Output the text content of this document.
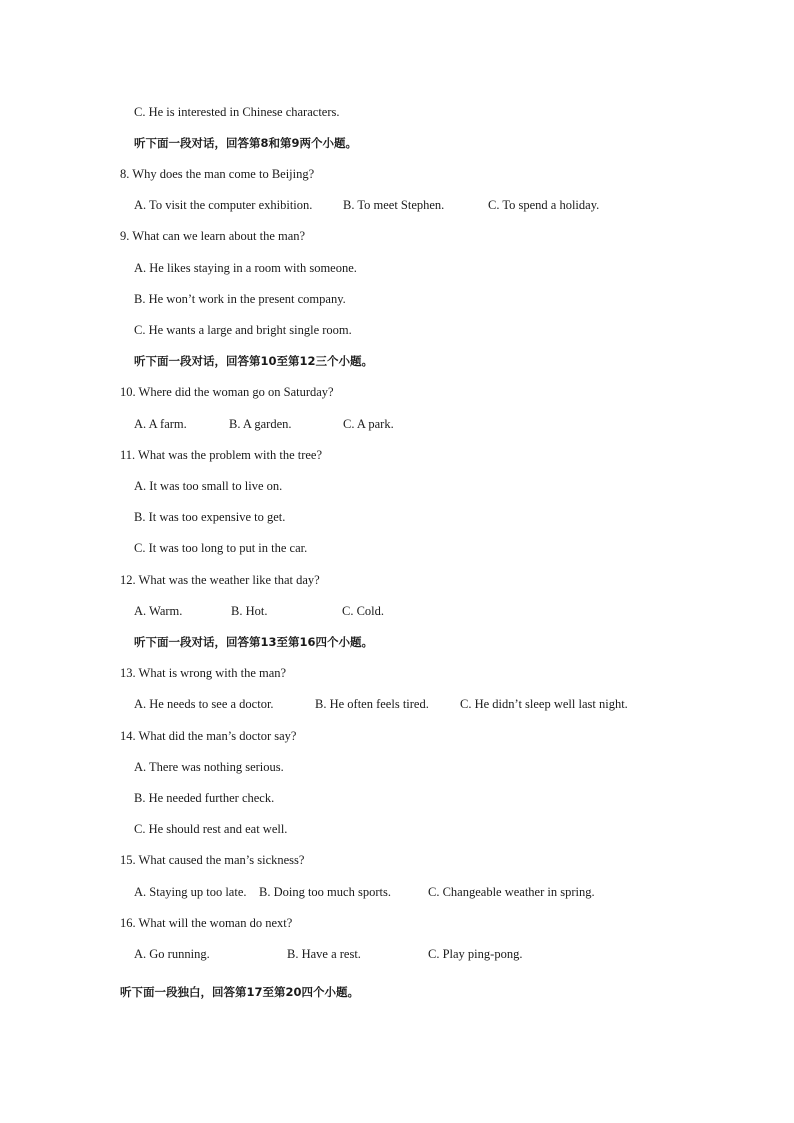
C. He is interested in Chinese characters.

听下面一段对话，回答第8和第9两个小题。

8. Why does the man come to Beijing?

A. To visit the computer exhibition. B. To meet Stephen.	C. To spend a holiday.

9. What can we learn about the man?

A. He likes staying in a room with someone.

B. He won’t work in the present company.

C. He wants a large and bright single room.

听下面一段对话，回答第10至第12三个小题。

10. Where did the woman go on Saturday?

A. A farm.	B. A garden.	C. A park.

11. What was the problem with the tree?

A. It was too small to live on.

B. It was too expensive to get.

C. It was too long to put in the car.

12. What was the weather like that day?

A. Warm.	B. Hot.	C. Cold.

听下面一段对话，回答第13至第16四个小题。

13. What is wrong with the man?

A. He needs to see a doctor.	B. He often feels tired. C. He didn’t sleep well last night.

14. What did the man’s doctor say?

A. There was nothing serious.

B. He needed further check.

C. He should rest and eat well.

15. What caused the man’s sickness?

A. Staying up too late. B. Doing too much sports.	C. Changeable weather in spring.

16. What will the woman do next?

A. Go running.	B. Have a rest.	C. Play ping-pong.

听下面一段独白，回答第17至第20四个小题。
